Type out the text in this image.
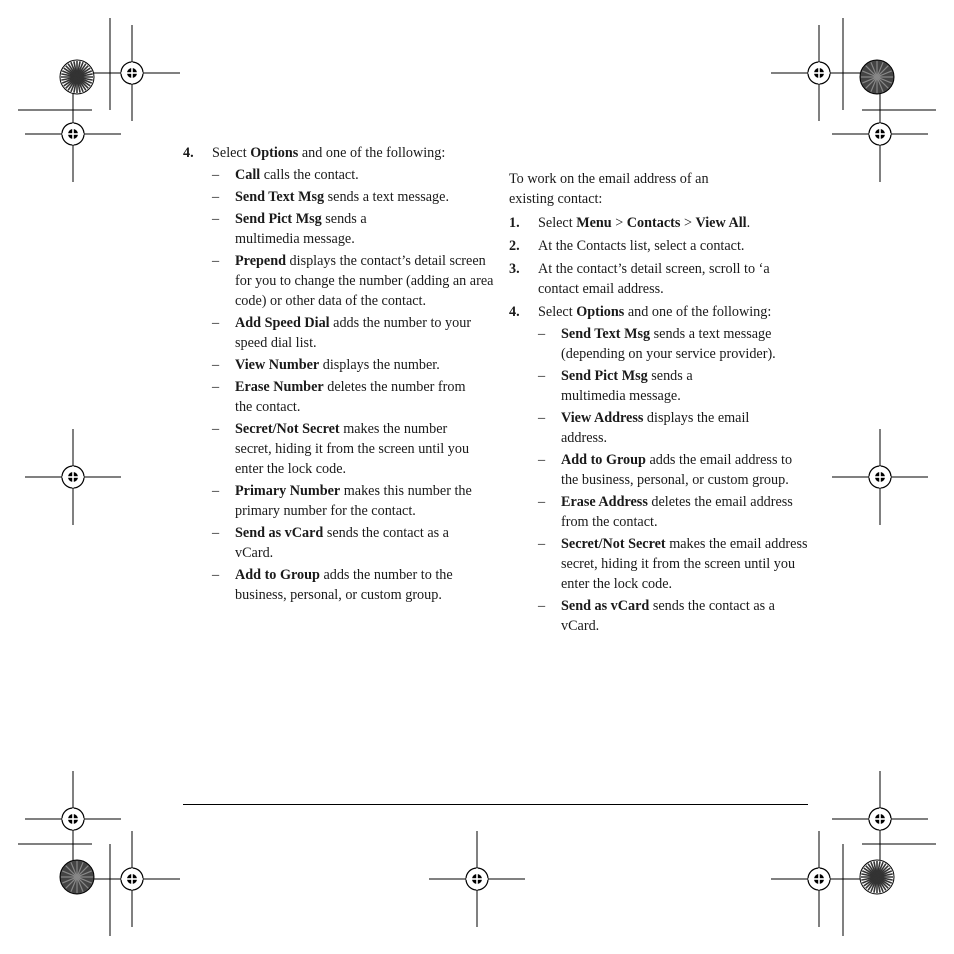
4. Select Options and one of the following:
– Call calls the contact.
– Send Text Msg sends a text message.
– Send Pict Msg sends a multimedia message.
– Prepend displays the contact’s detail screen for you to change the number (adding an area code) or other data of the contact.
– Add Speed Dial adds the number to your speed dial list.
– View Number displays the number.
– Erase Number deletes the number from the contact.
– Secret/Not Secret makes the number secret, hiding it from the screen until you enter the lock code.
– Primary Number makes this number the primary number for the contact.
– Send as vCard sends the contact as a vCard.
– Add to Group adds the number to the business, personal, or custom group.

To work on the email address of an existing contact:

1. Select Menu > Contacts > View All.
2. At the Contacts list, select a contact.
3. At the contact’s detail screen, scroll to ‘a contact email address.
4. Select Options and one of the following:
– Send Text Msg sends a text message (depending on your service provider).
– Send Pict Msg sends a multimedia message.
– View Address displays the email address.
– Add to Group adds the email address to the business, personal, or custom group.
– Erase Address deletes the email address from the contact.
– Secret/Not Secret makes the email address secret, hiding it from the screen until you enter the lock code.
– Send as vCard sends the contact as a vCard.
